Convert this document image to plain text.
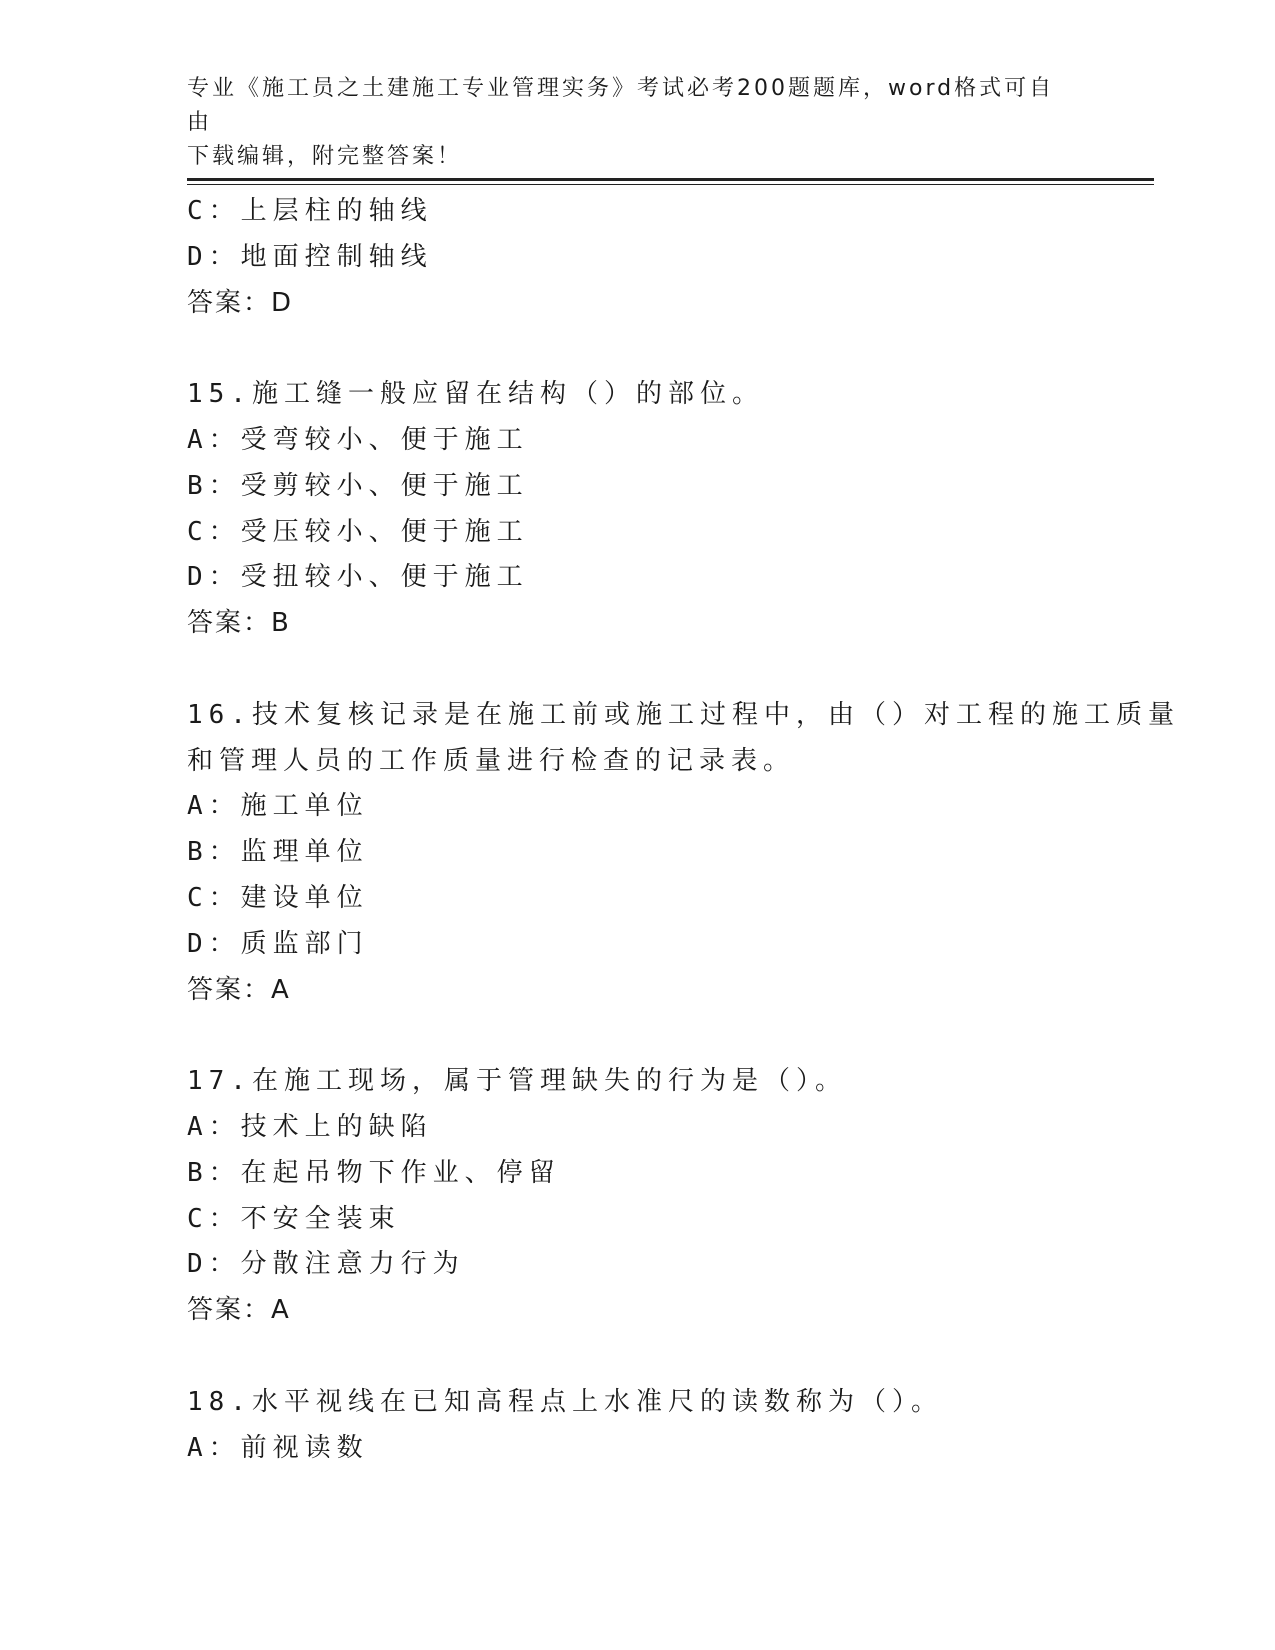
专业《施工员之土建施工专业管理实务》考试必考200题题库，word格式可自由
下载编辑，附完整答案！
C：上层柱的轴线
D：地面控制轴线
答案：D
15.施工缝一般应留在结构（）的部位。
A：受弯较小、便于施工
B：受剪较小、便于施工
C：受压较小、便于施工
D：受扭较小、便于施工
答案：B
16.技术复核记录是在施工前或施工过程中，由（）对工程的施工质量
和管理人员的工作质量进行检查的记录表。
A：施工单位
B：监理单位
C：建设单位
D：质监部门
答案：A
17.在施工现场，属于管理缺失的行为是（）。
A：技术上的缺陷
B：在起吊物下作业、停留
C：不安全装束
D：分散注意力行为
答案：A
18.水平视线在已知高程点上水准尺的读数称为（）。
A：前视读数
